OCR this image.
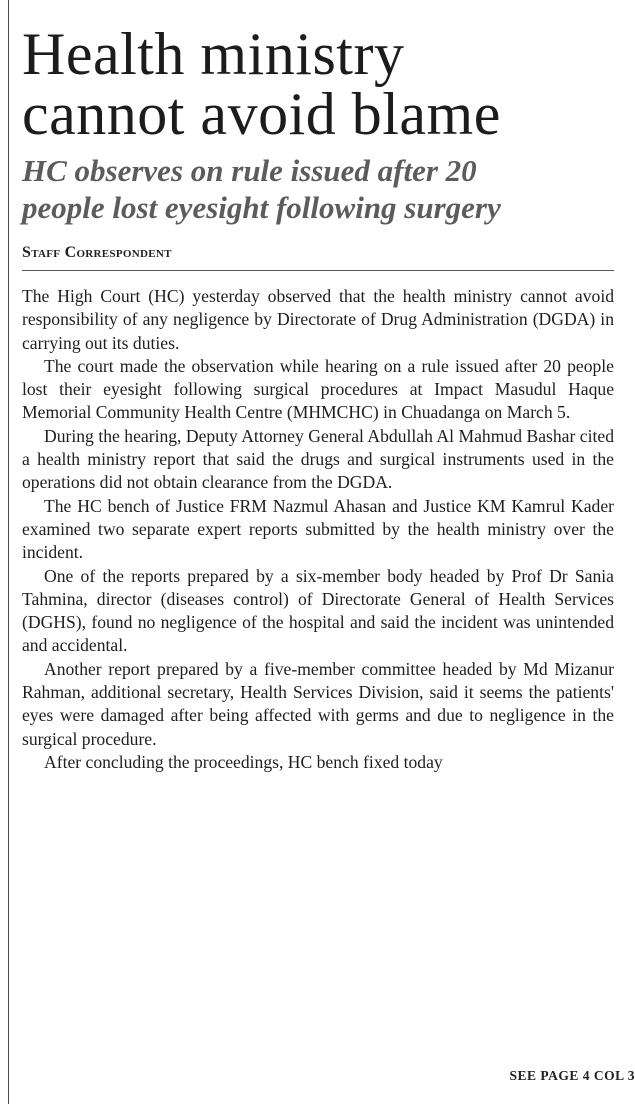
Health ministry
cannot avoid blame
HC observes on rule issued after 20
people lost eyesight following surgery
Staff Correspondent

The High Court (HC) yesterday observed that the health ministry cannot avoid responsibility of any negligence by Directorate of Drug Administration (DGDA) in carrying out its duties.

The court made the observation while hearing on a rule issued after 20 people lost their eyesight following surgical procedures at Impact Masudul Haque Memorial Community Health Centre (MHMCHC) in Chuadanga on March 5.

During the hearing, Deputy Attorney General Abdullah Al Mahmud Bashar cited a health ministry report that said the drugs and surgical instruments used in the operations did not obtain clearance from the DGDA.

The HC bench of Justice FRM Nazmul Ahasan and Justice KM Kamrul Kader examined two separate expert reports submitted by the health ministry over the incident.

One of the reports prepared by a six-member body headed by Prof Dr Sania Tahmina, director (diseases control) of Directorate General of Health Services (DGHS), found no negligence of the hospital and said the incident was unintended and accidental.

Another report prepared by a five-member committee headed by Md Mizanur Rahman, additional secretary, Health Services Division, said it seems the patients' eyes were damaged after being affected with germs and due to negligence in the surgical procedure.

After concluding the proceedings, HC bench fixed today

SEE PAGE 4 COL 3
